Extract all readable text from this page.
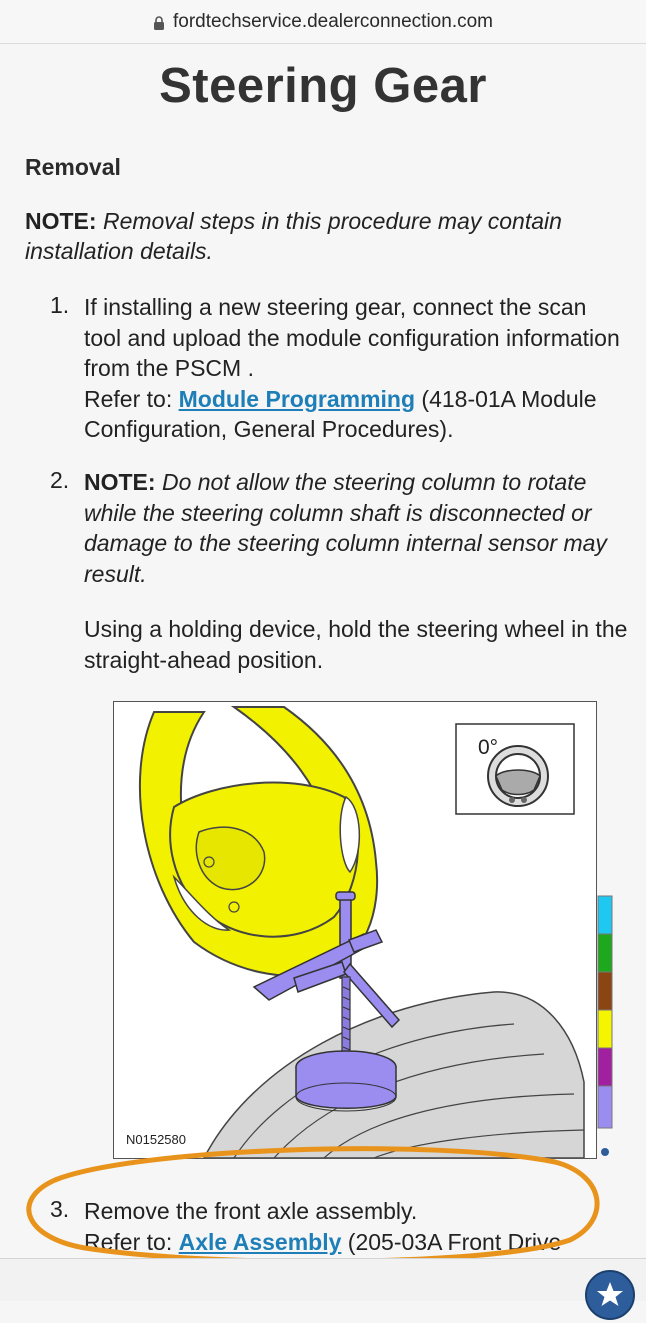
fordtechservice.dealerconnection.com
Steering Gear
Removal
NOTE: Removal steps in this procedure may contain installation details.
1. If installing a new steering gear, connect the scan tool and upload the module configuration information from the PSCM .
Refer to: Module Programming (418-01A Module Configuration, General Procedures).
2. NOTE: Do not allow the steering column to rotate while the steering column shaft is disconnected or damage to the steering column internal sensor may result.
Using a holding device, hold the steering wheel in the straight-ahead position.
0°
N0152580
3. Remove the front axle assembly.
Refer to: Axle Assembly (205-03A Front Drive
